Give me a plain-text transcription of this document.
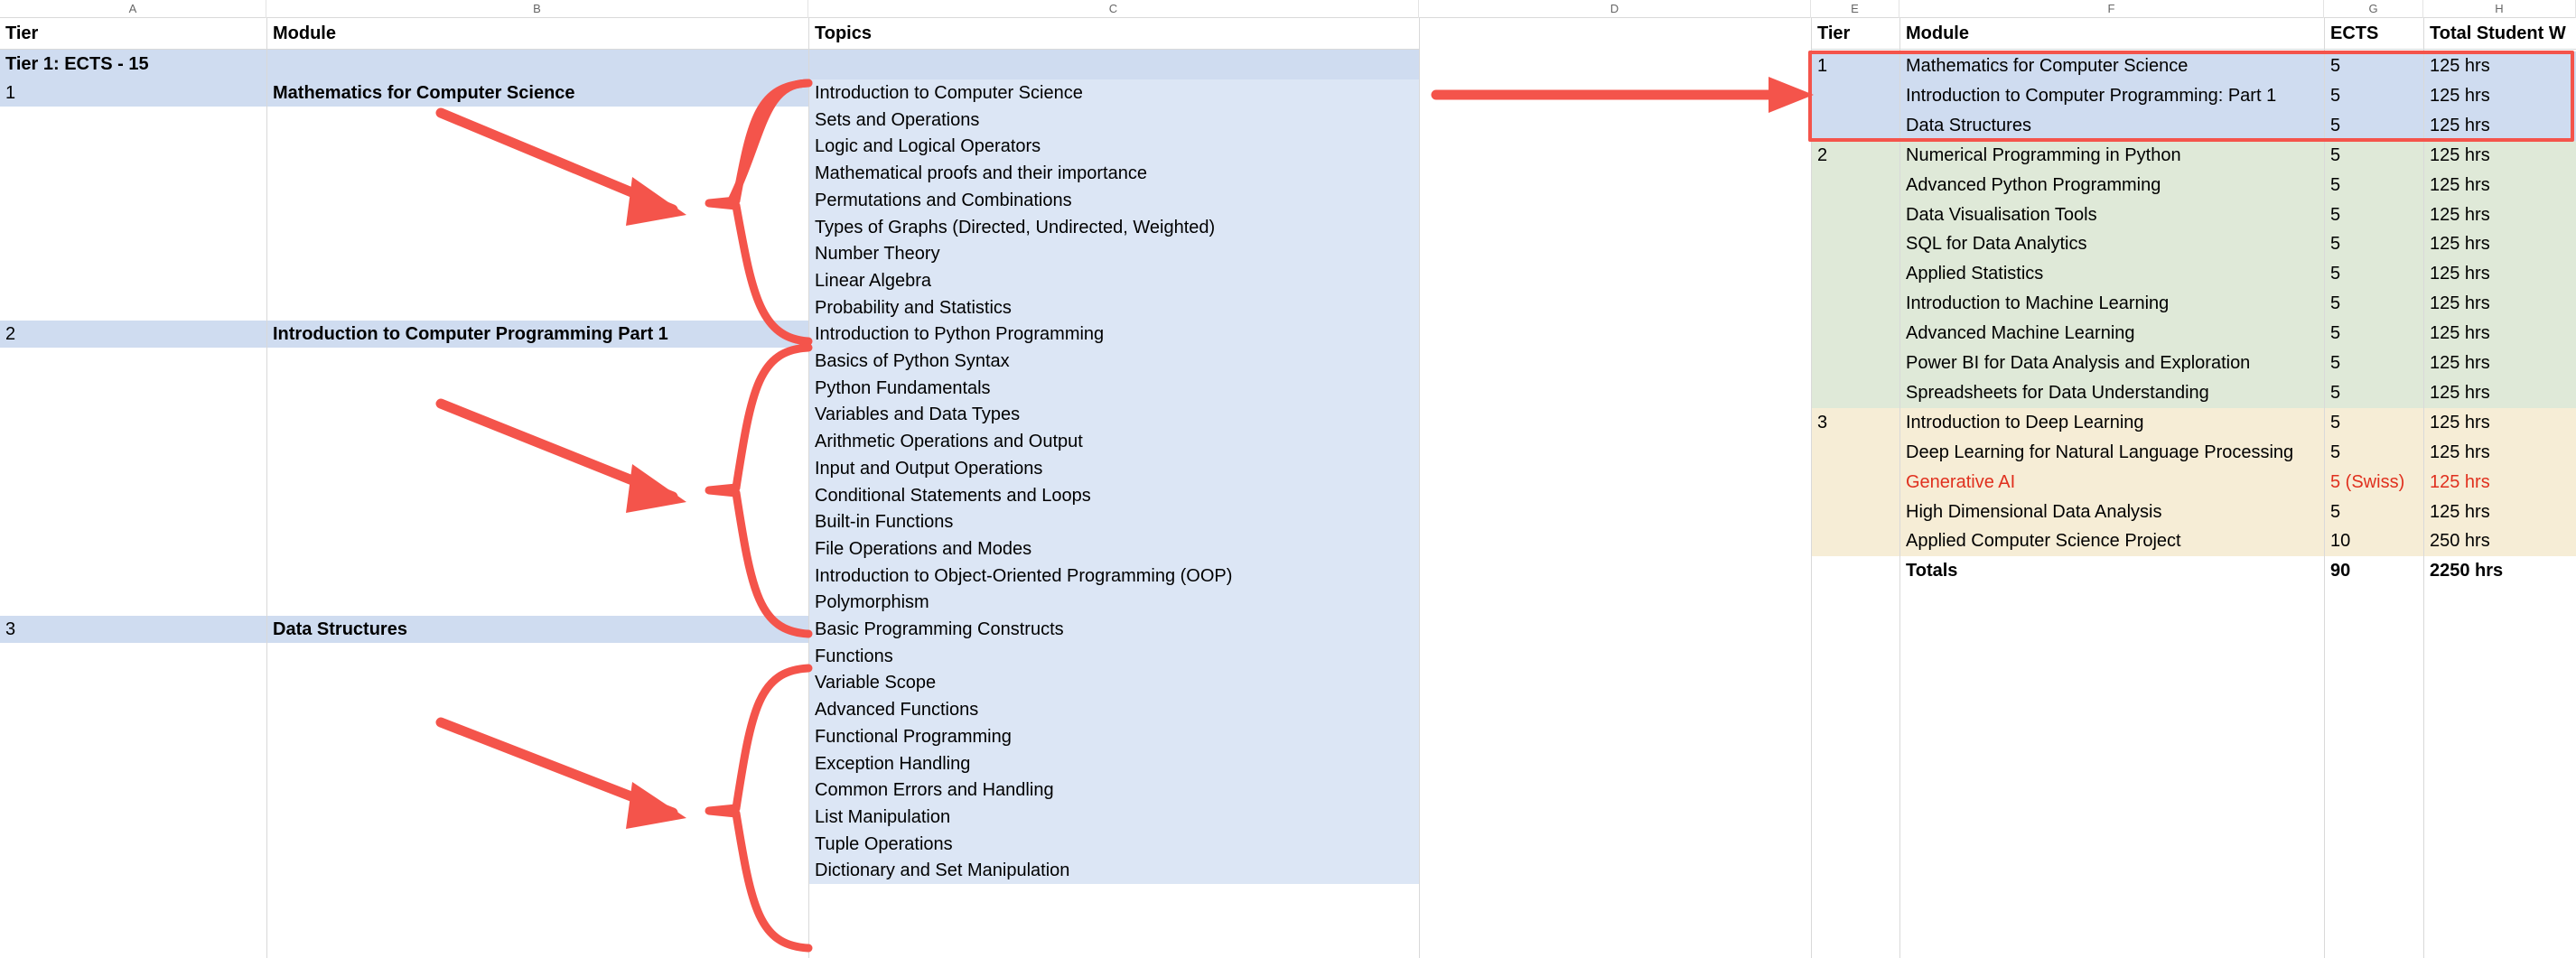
A	B	C	D	E	F	G	H
Tier	Module	Topics
Tier 1: ECTS - 15
1	Mathematics for Computer Science	Introduction to Computer Science
Sets and Operations
Logic and Logical Operators
Mathematical proofs and their importance
Permutations and Combinations
Types of Graphs (Directed, Undirected, Weighted)
Number Theory
Linear Algebra
Probability and Statistics
2	Introduction to Computer Programming Part 1	Introduction to Python Programming
Basics of Python Syntax
Python Fundamentals
Variables and Data Types
Arithmetic Operations and Output
Input and Output Operations
Conditional Statements and Loops
Built-in Functions
File Operations and Modes
Introduction to Object-Oriented Programming (OOP)
Polymorphism
3	Data Structures	Basic Programming Constructs
Functions
Variable Scope
Advanced Functions
Functional Programming
Exception Handling
Common Errors and Handling
List Manipulation
Tuple Operations
Dictionary and Set Manipulation
Tier	Module	ECTS	Total Student W
1	Mathematics for Computer Science	5	125 hrs
Introduction to Computer Programming: Part 1	5	125 hrs
Data Structures	5	125 hrs
2	Numerical Programming in Python	5	125 hrs
Advanced Python Programming	5	125 hrs
Data Visualisation Tools	5	125 hrs
SQL for Data Analytics	5	125 hrs
Applied Statistics	5	125 hrs
Introduction to Machine Learning	5	125 hrs
Advanced Machine Learning	5	125 hrs
Power BI for Data Analysis and Exploration	5	125 hrs
Spreadsheets for Data Understanding	5	125 hrs
3	Introduction to Deep Learning	5	125 hrs
Deep Learning for Natural Language Processing	5	125 hrs
Generative AI	5 (Swiss)	125 hrs
High Dimensional Data Analysis	5	125 hrs
Applied Computer Science Project	10	250 hrs
Totals	90	2250 hrs
